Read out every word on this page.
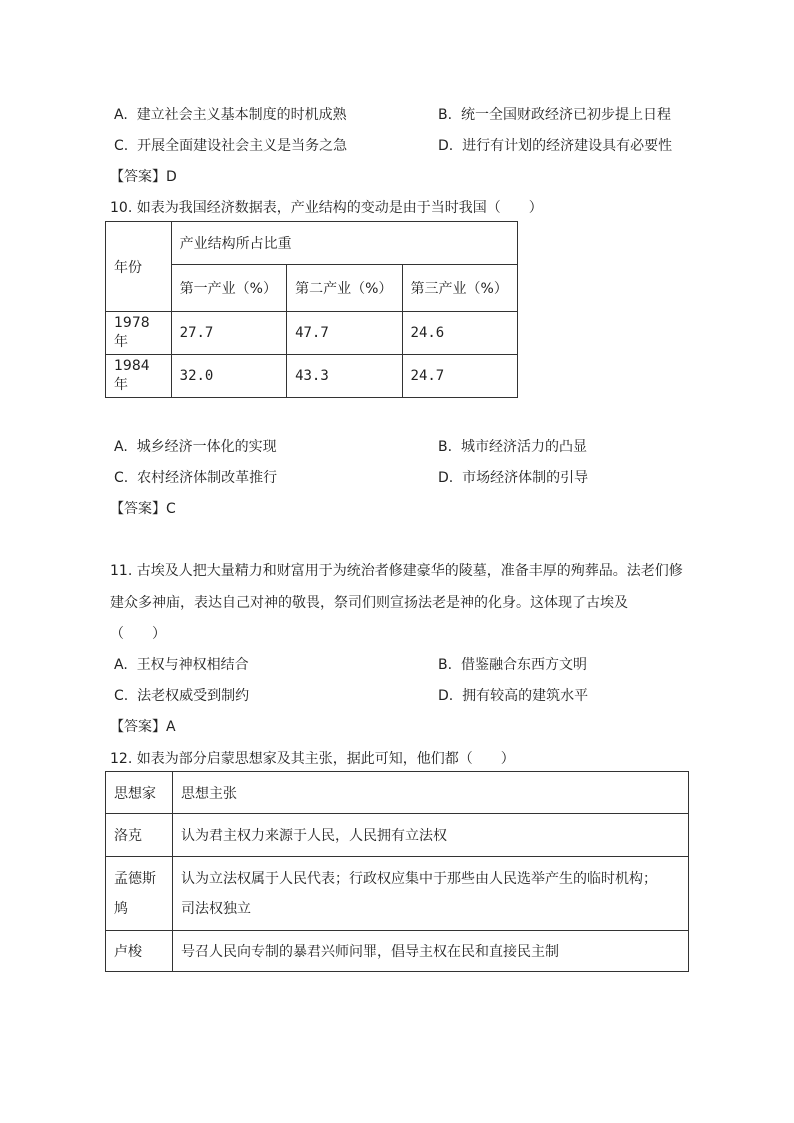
A. 建立社会主义基本制度的时机成熟	B. 统一全国财政经济已初步提上日程
C. 开展全面建设社会主义是当务之急	D. 进行有计划的经济建设具有必要性
【答案】D
10. 如表为我国经济数据表，产业结构的变动是由于当时我国（　　）
年份	产业结构所占比重		
	第一产业（%）	第二产业（%）	第三产业（%）
1978年	27.7	47.7	24.6
1984年	32.0	43.3	24.7
A. 城乡经济一体化的实现	B. 城市经济活力的凸显
C. 农村经济体制改革推行	D. 市场经济体制的引导
【答案】C
11. 古埃及人把大量精力和财富用于为统治者修建豪华的陵墓，准备丰厚的殉葬品。法老们修
建众多神庙，表达自己对神的敬畏，祭司们则宣扬法老是神的化身。这体现了古埃及
（　　）
A. 王权与神权相结合	B. 借鉴融合东西方文明
C. 法老权威受到制约	D. 拥有较高的建筑水平
【答案】A
12. 如表为部分启蒙思想家及其主张，据此可知，他们都（　　）
思想家	思想主张
洛克	认为君主权力来源于人民，人民拥有立法权
孟德斯
鸠	认为立法权属于人民代表；行政权应集中于那些由人民选举产生的临时机构；
司法权独立
卢梭	号召人民向专制的暴君兴师问罪，倡导主权在民和直接民主制
